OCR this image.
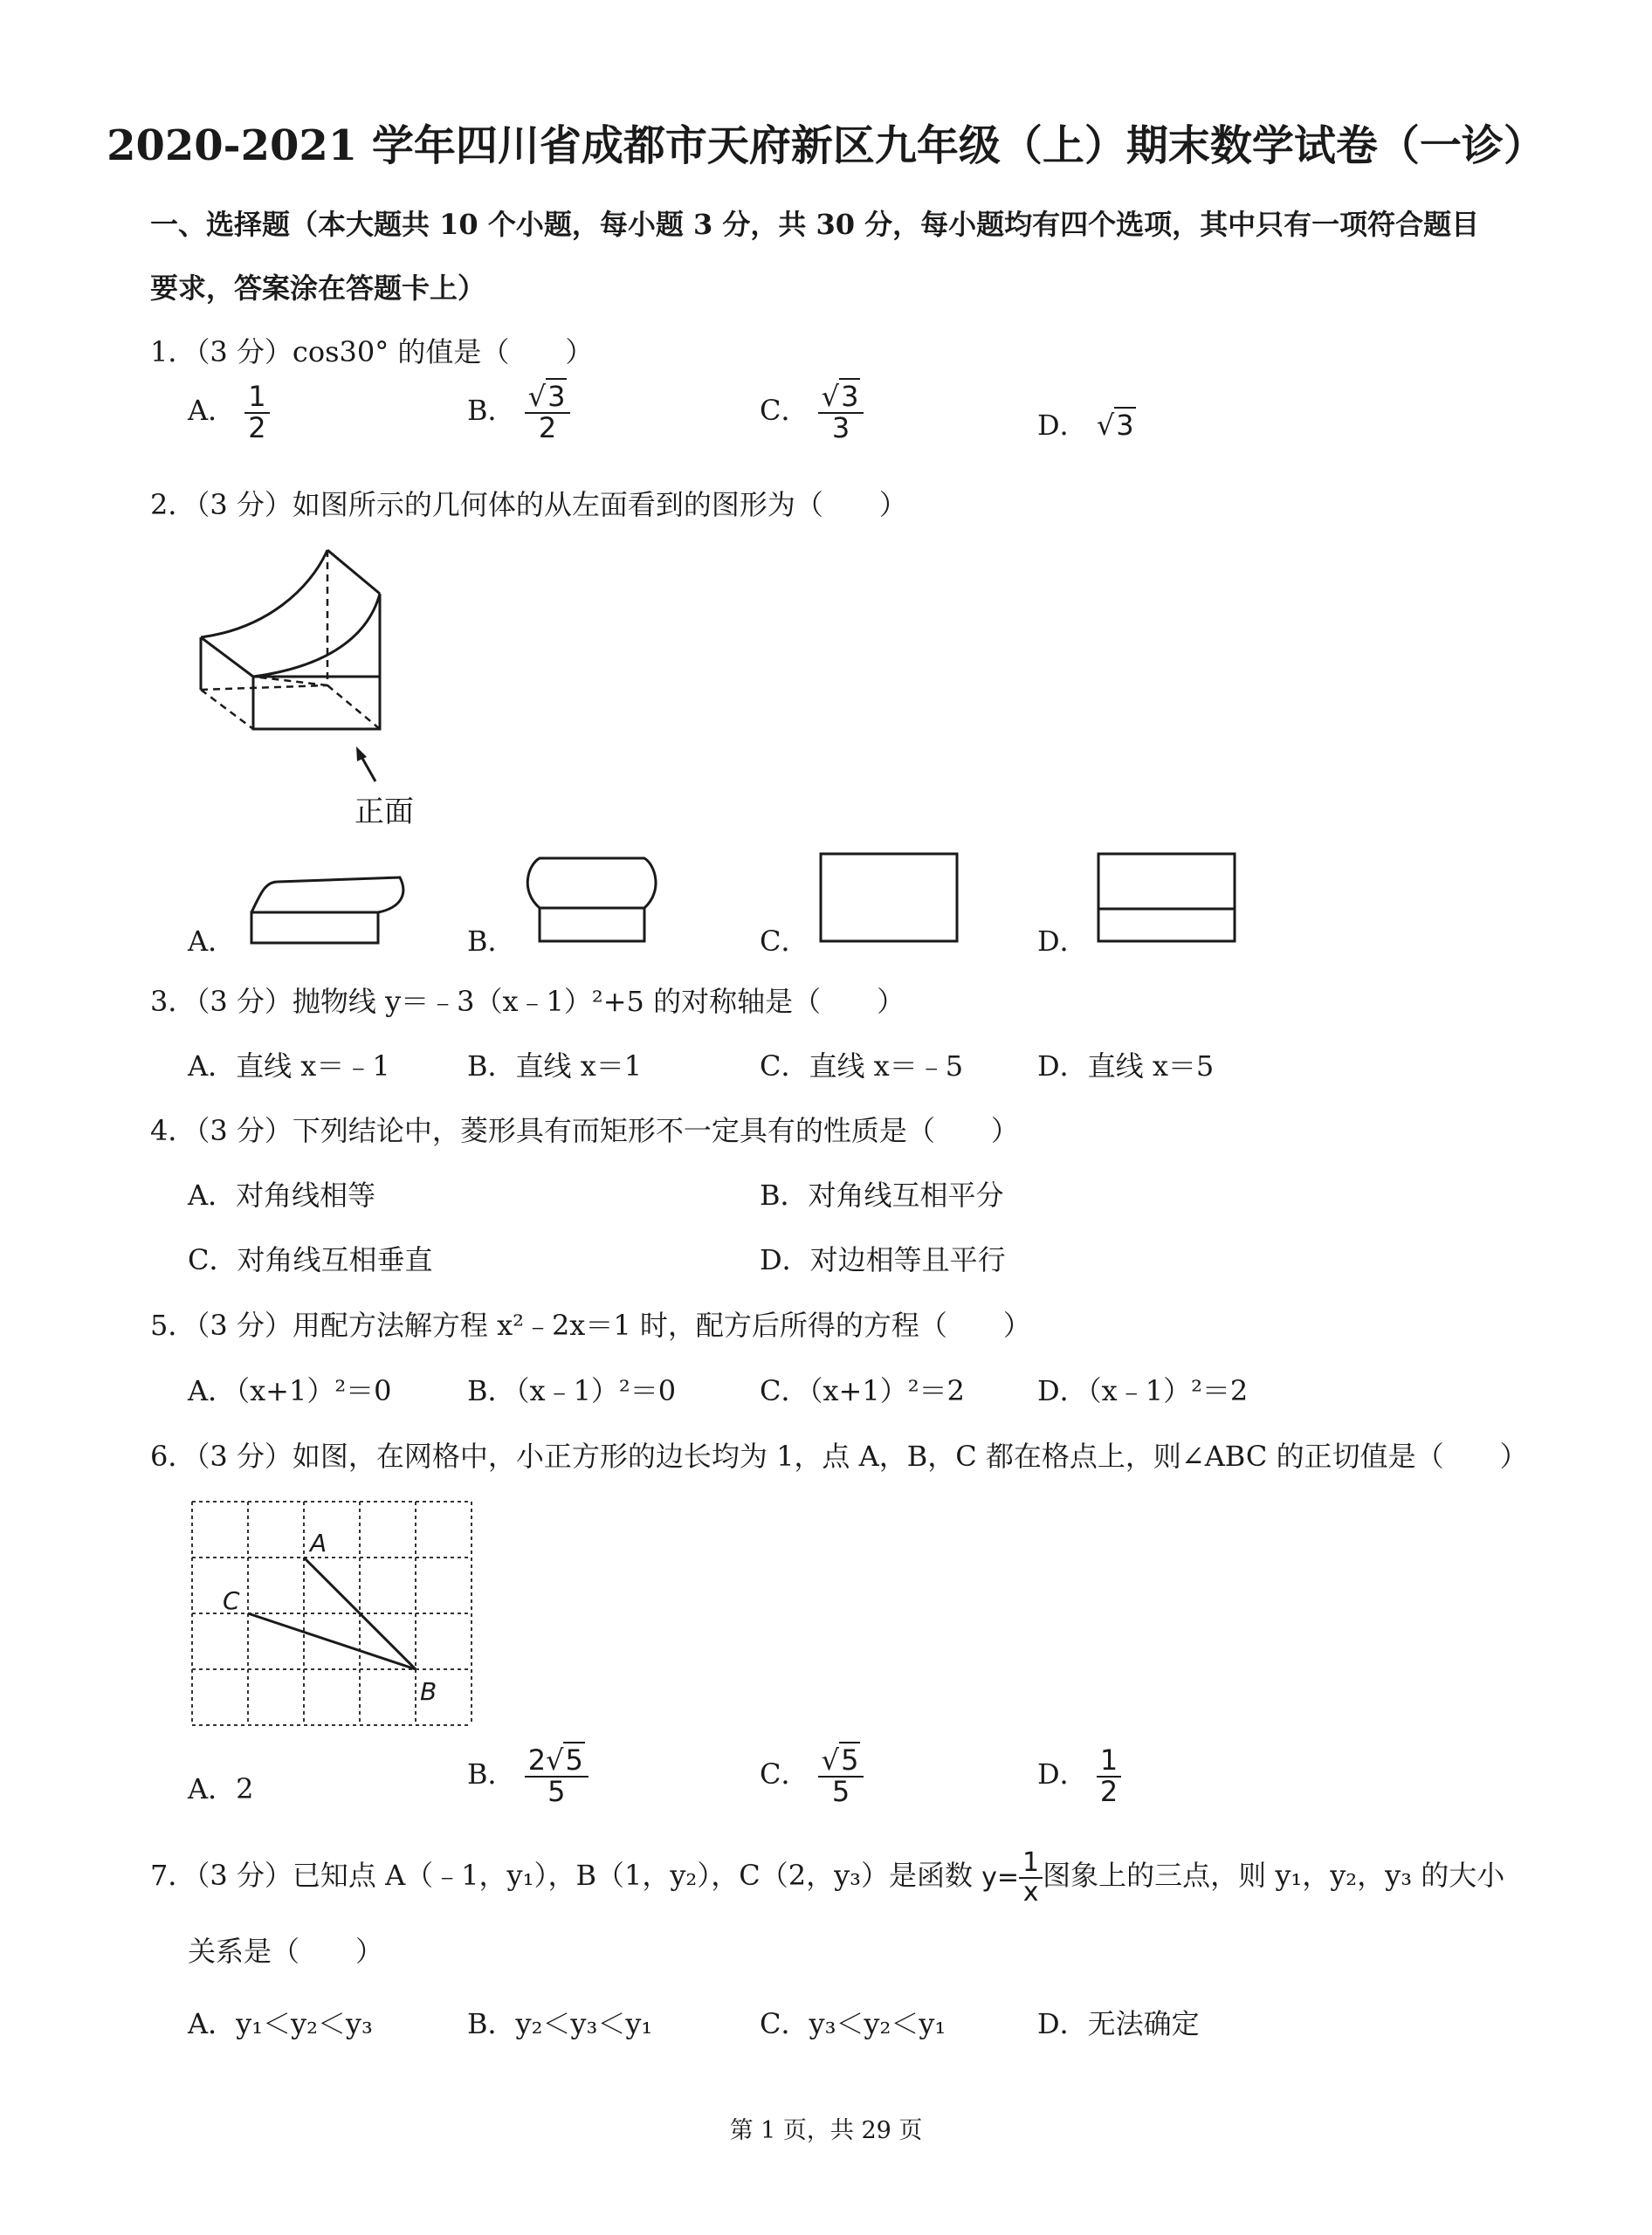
2020-2021 学年四川省成都市天府新区九年级（上）期末数学试卷（一诊）
一、选择题（本大题共 10 个小题，每小题 3 分，共 30 分，每小题均有四个选项，其中只有一项符合题目
要求，答案涂在答题卡上）
1．（3 分）cos30° 的值是（　　）
A． $\frac{1}{2}$	B． $\frac{√3}{2}$	C． $\frac{√3}{3}$	D． √3
2．（3 分）如图所示的几何体的从左面看到的图形为（　　）
正面
A．	B．	C．	D．
3．（3 分）抛物线 y＝﹣3（x﹣1）²+5 的对称轴是（　　）
A．直线 x＝﹣1	B．直线 x＝1	C．直线 x＝﹣5	D．直线 x＝5
4．（3 分）下列结论中，菱形具有而矩形不一定具有的性质是（　　）
A．对角线相等	B．对角线互相平分
C．对角线互相垂直	D．对边相等且平行
5．（3 分）用配方法解方程 x²﹣2x＝1 时，配方后所得的方程（　　）
A．（x+1）²＝0	B．（x﹣1）²＝0	C．（x+1）²＝2	D．（x﹣1）²＝2
6．（3 分）如图，在网格中，小正方形的边长均为 1，点 A，B，C 都在格点上，则∠ABC 的正切值是（　　）
A
C
B
A．2	B． $\frac{2√5}{5}$	C． $\frac{√5}{5}$	D． $\frac{1}{2}$
7．（3 分）已知点 A（﹣1，y₁），B（1，y₂），C（2，y₃）是函数 $y= \frac{1}{x}$ 图象上的三点，则 y₁，y₂，y₃ 的大小
关系是（　　）
A．y₁＜y₂＜y₃	B．y₂＜y₃＜y₁	C．y₃＜y₂＜y₁	D．无法确定
第 1 页，共 29 页
